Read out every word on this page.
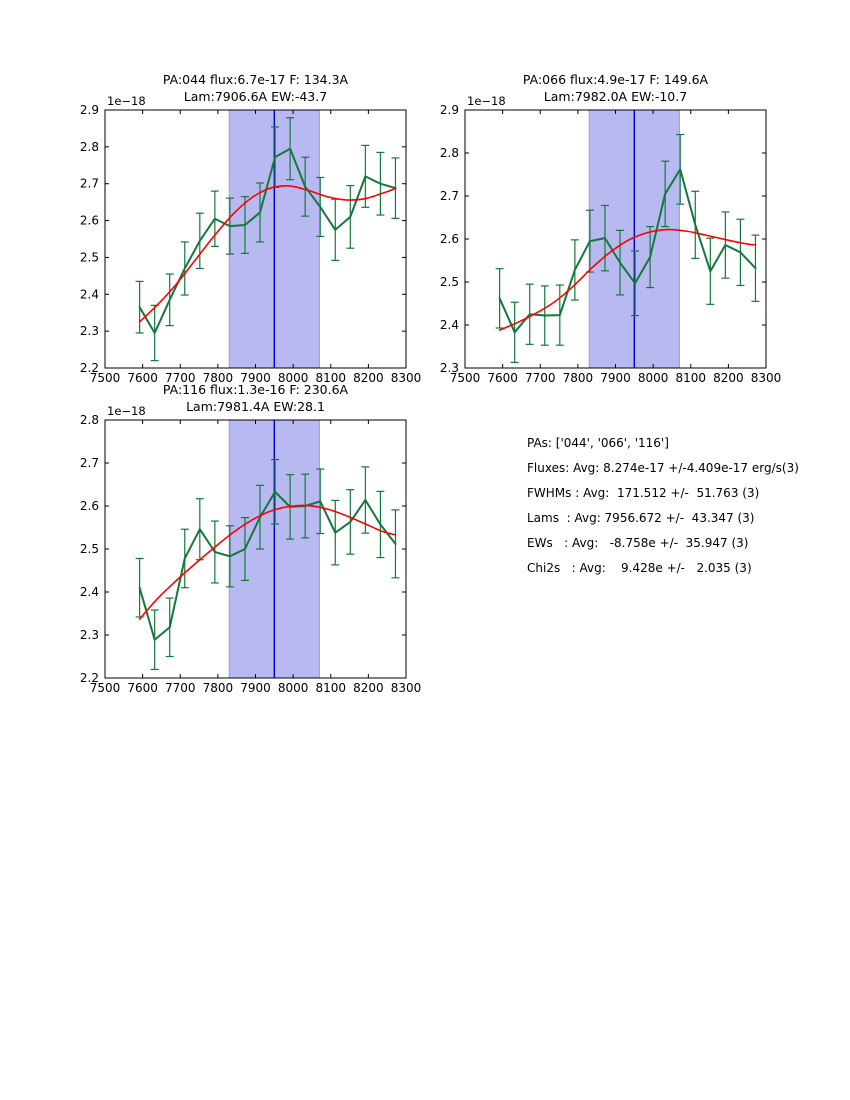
7500 7600 7700 7800 7900 8000 8100 8200 8300
2.2
2.3
2.4
2.5
2.6
2.7
2.8
2.9
7500 7600 7700 7800 7900 8000 8100 8200 8300
2.3
2.4
2.5
2.6
2.7
2.8
2.9
7500 7600 7700 7800 7900 8000 8100 8200 8300
2.2
2.3
2.4
2.5
2.6
2.7
2.8
PA:044 flux:6.7e-17 F: 134.3A
Lam:7906.6A EW:-43.7
1e−18
PA:066 flux:4.9e-17 F: 149.6A
Lam:7982.0A EW:-10.7
1e−18
PA:116 flux:1.3e-16 F: 230.6A
Lam:7981.4A EW:28.1
1e−18
PAs: ['044', '066', '116']
Fluxes: Avg: 8.274e-17 +/-4.409e-17 erg/s(3)
FWHMs : Avg:  171.512 +/-  51.763 (3)
Lams  : Avg: 7956.672 +/-  43.347 (3)
EWs   : Avg:   -8.758e +/-  35.947 (3)
Chi2s   : Avg:    9.428e +/-   2.035 (3)
